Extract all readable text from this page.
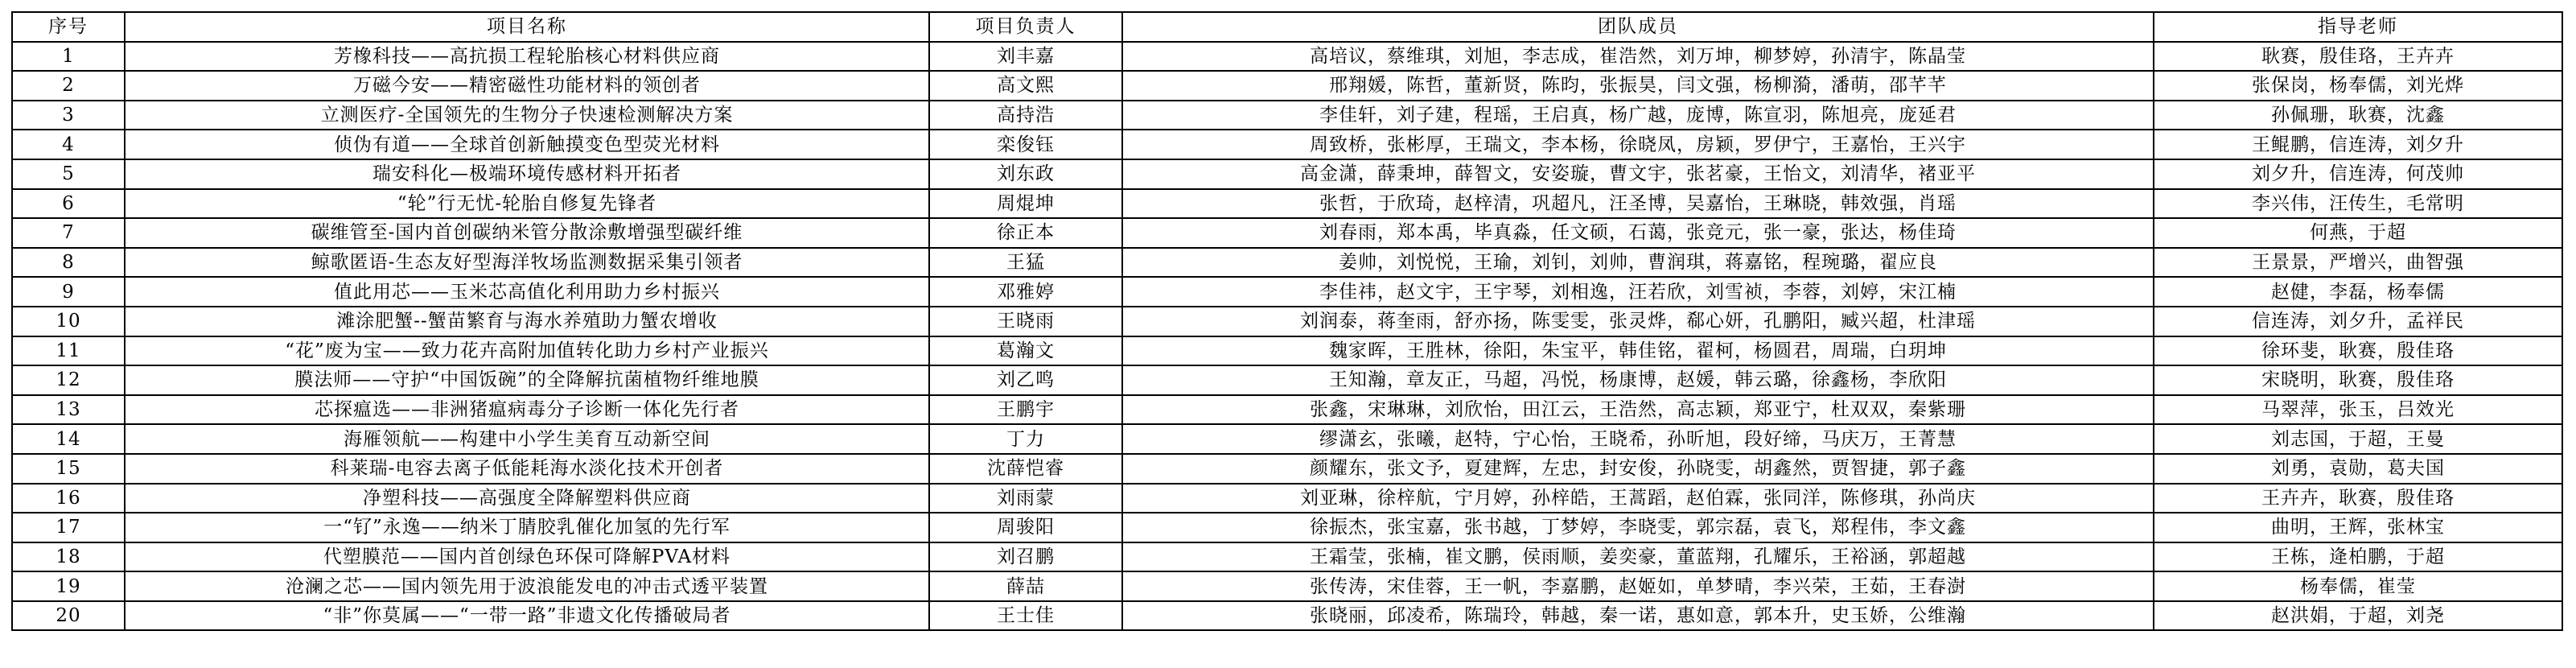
序号	项目名称	项目负责人	团队成员	指导老师
1	芳橡科技——高抗损工程轮胎核心材料供应商	刘丰嘉	高培议，蔡维琪，刘旭，李志成，崔浩然，刘万坤，柳梦婷，孙清宇，陈晶莹	耿赛，殷佳珞，王卉卉
2	万磁今安——精密磁性功能材料的领创者	高文熙	邢翔媛，陈哲，董新贤，陈昀，张振昊，闫文强，杨柳漪，潘萌，邵芊芊	张保岗，杨奉儒，刘光烨
3	立测医疗-全国领先的生物分子快速检测解决方案	高持浩	李佳轩，刘子建，程瑶，王启真，杨广越，庞博，陈宣羽，陈旭亮，庞延君	孙佩珊，耿赛，沈鑫
4	侦伪有道——全球首创新触摸变色型荧光材料	栾俊钰	周致桥，张彬厚，王瑞文，李本杨，徐晓凤，房颖，罗伊宁，王嘉怡，王兴宇	王鲲鹏，信连涛，刘夕升
5	瑞安科化—极端环境传感材料开拓者	刘东政	高金潇，薛秉坤，薛智文，安姿璇，曹文宇，张茗豪，王怡文，刘清华，褚亚平	刘夕升，信连涛，何茂帅
6	“轮”行无忧-轮胎自修复先锋者	周焜坤	张哲，于欣琦，赵梓清，巩超凡，汪圣博，吴嘉怡，王琳晓，韩效强，肖瑶	李兴伟，汪传生，毛常明
7	碳维管至-国内首创碳纳米管分散涂敷增强型碳纤维	徐正本	刘春雨，郑本禹，毕真淼，任文硕，石蔼，张竞元，张一豪，张达，杨佳琦	何燕，于超
8	鲸歌匿语-生态友好型海洋牧场监测数据采集引领者	王猛	姜帅，刘悦悦，王瑜，刘钊，刘帅，曹润琪，蒋嘉铭，程琬璐，翟应良	王景景，严增兴，曲智强
9	值此用芯——玉米芯高值化利用助力乡村振兴	邓雅婷	李佳祎，赵文宇，王宇琴，刘相逸，汪若欣，刘雪祯，李蓉，刘婷，宋江楠	赵健，李磊，杨奉儒
10	滩涂肥蟹--蟹苗繁育与海水养殖助力蟹农增收	王晓雨	刘润泰，蒋奎雨，舒亦扬，陈雯雯，张灵烨，郗心妍，孔鹏阳，臧兴超，杜津瑶	信连涛，刘夕升，孟祥民
11	“花”废为宝——致力花卉高附加值转化助力乡村产业振兴	葛瀚文	魏家晖，王胜林，徐阳，朱宝平，韩佳铭，翟柯，杨圆君，周瑞，白玥坤	徐环斐，耿赛，殷佳珞
12	膜法师——守护“中国饭碗”的全降解抗菌植物纤维地膜	刘乙鸣	王知瀚，章友正，马超，冯悦，杨康博，赵媛，韩云璐，徐鑫杨，李欣阳	宋晓明，耿赛，殷佳珞
13	芯探瘟选——非洲猪瘟病毒分子诊断一体化先行者	王鹏宇	张鑫，宋琳琳，刘欣怡，田江云，王浩然，高志颖，郑亚宁，杜双双，秦紫珊	马翠萍，张玉，吕效光
14	海雁领航——构建中小学生美育互动新空间	丁力	缪潇玄，张曦，赵特，宁心怡，王晓希，孙昕旭，段好缔，马庆万，王菁慧	刘志国，于超，王曼
15	科莱瑞-电容去离子低能耗海水淡化技术开创者	沈薛恺睿	颜耀东，张文予，夏建辉，左忠，封安俊，孙晓雯，胡鑫然，贾智捷，郭子鑫	刘勇，袁勋，葛夫国
16	净塑科技——高强度全降解塑料供应商	刘雨蒙	刘亚琳，徐梓航，宁月婷，孙梓皓，王蒿蹈，赵伯霖，张同洋，陈修琪，孙尚庆	王卉卉，耿赛，殷佳珞
17	一“钌”永逸——纳米丁腈胶乳催化加氢的先行军	周骏阳	徐振杰，张宝嘉，张书越，丁梦婷，李晓雯，郭宗磊，袁飞，郑程伟，李文鑫	曲明，王辉，张林宝
18	代塑膜范——国内首创绿色环保可降解PVA材料	刘召鹏	王霜莹，张楠，崔文鹏，侯雨顺，姜奕豪，董蓝翔，孔耀乐，王裕涵，郭超越	王栋，逄柏鹏，于超
19	沧澜之芯——国内领先用于波浪能发电的冲击式透平装置	薛喆	张传涛，宋佳蓉，王一帆，李嘉鹏，赵姬如，单梦晴，李兴荣，王茹，王春澍	杨奉儒，崔莹
20	“非”你莫属——“一带一路”非遗文化传播破局者	王士佳	张晓丽，邱凌希，陈瑞玲，韩越，秦一诺，惠如意，郭本升，史玉娇，公维瀚	赵洪娟，于超，刘尧
